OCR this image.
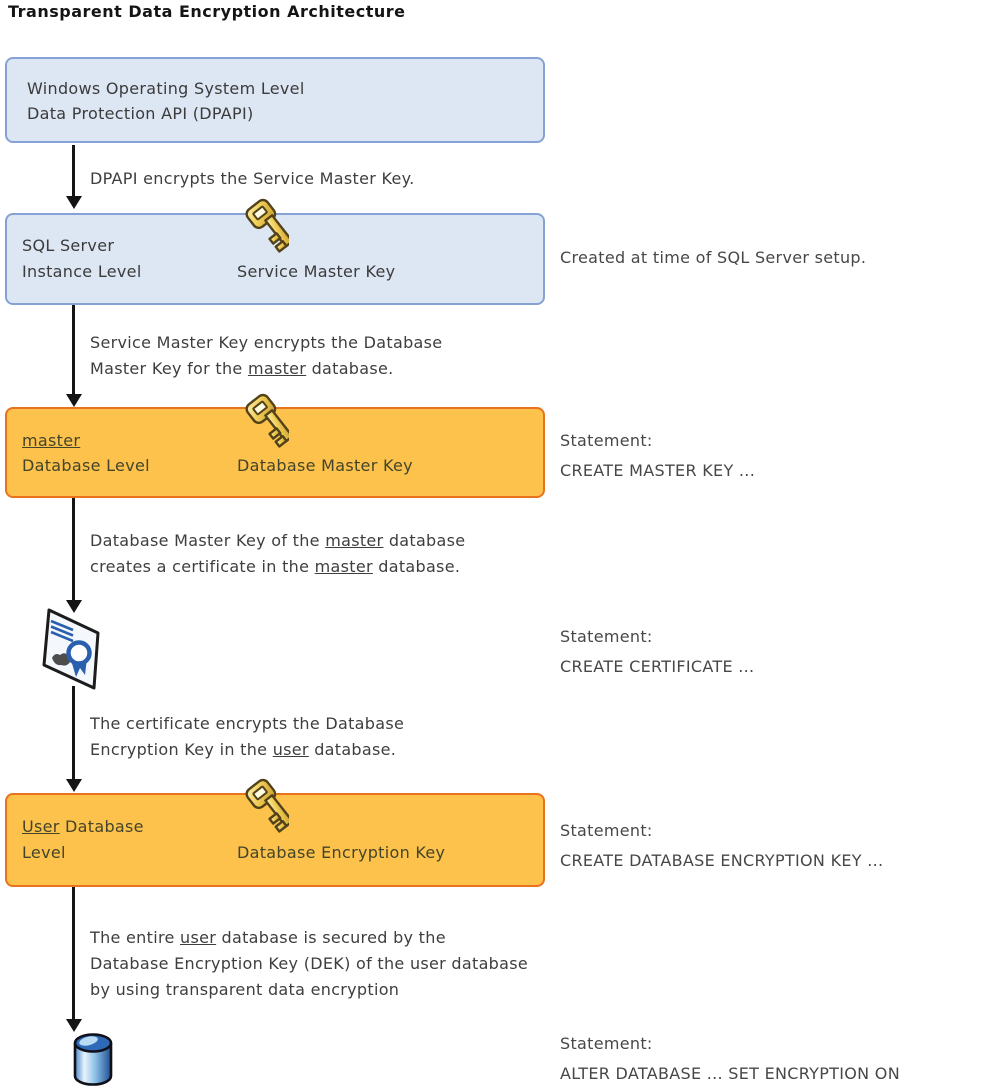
Transparent Data Encryption Architecture
Windows Operating System Level
Data Protection API (DPAPI)
DPAPI encrypts the Service Master Key.
SQL Server
Instance Level	Service Master Key
Created at time of SQL Server setup.
Service Master Key encrypts the Database
Master Key for the master database.
master
Database Level	Database Master Key
Statement:
CREATE MASTER KEY ...
Database Master Key of the master database
creates a certificate in the master database.
Statement:
CREATE CERTIFICATE ...
The certificate encrypts the Database
Encryption Key in the user database.
User Database
Level	Database Encryption Key
Statement:
CREATE DATABASE ENCRYPTION KEY ...
The entire user database is secured by the
Database Encryption Key (DEK) of the user database
by using transparent data encryption
Statement:
ALTER DATABASE ... SET ENCRYPTION ON
